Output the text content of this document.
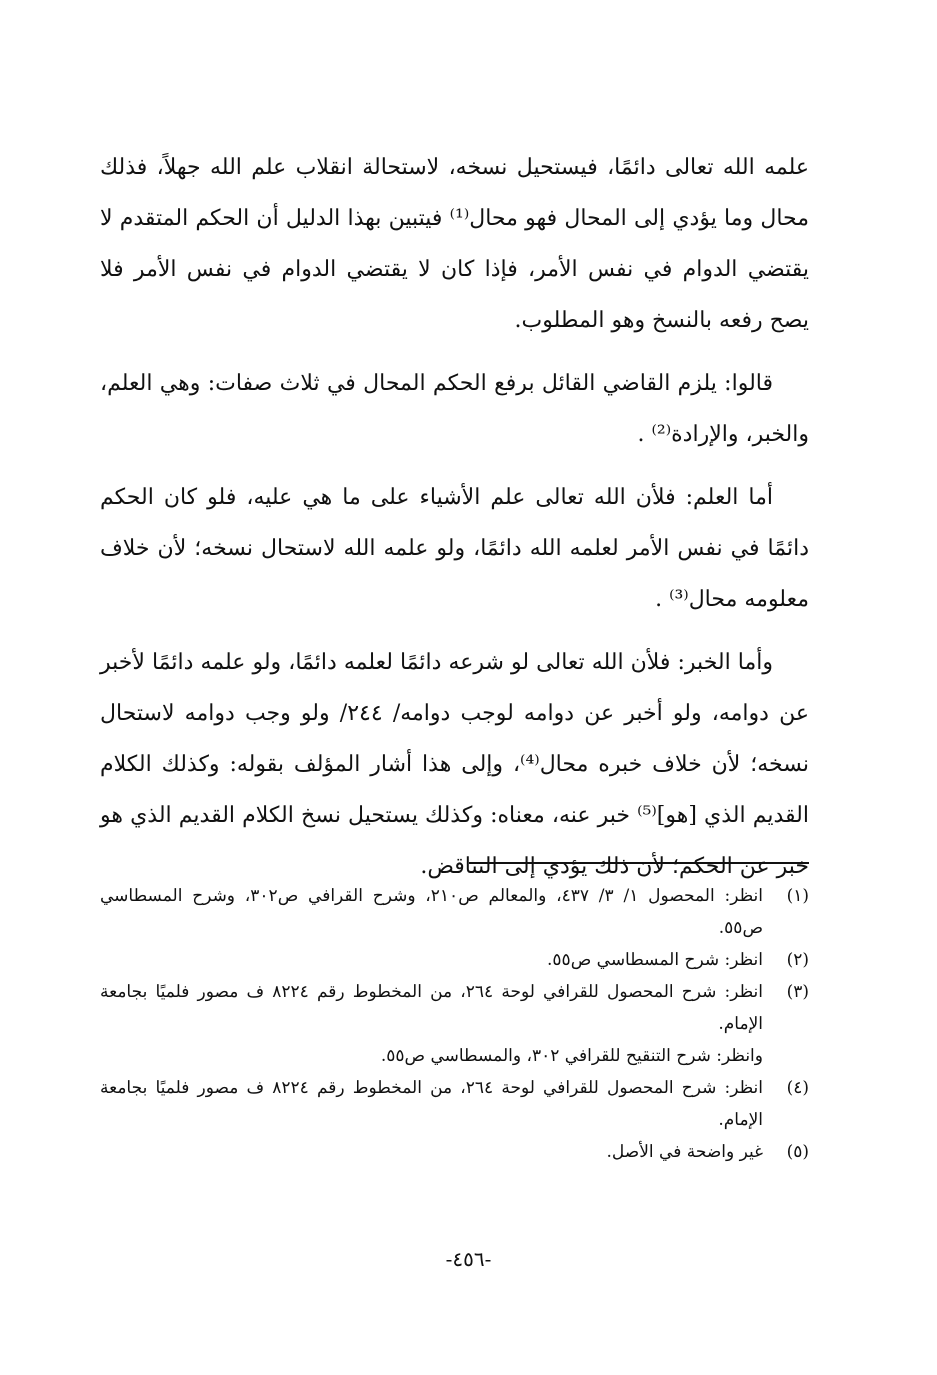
علمه الله تعالى دائمًا، فيستحيل نسخه، لاستحالة انقلاب علم الله جهلاً، فذلك محال وما يؤدي إلى المحال فهو محال⁽¹⁾ فيتبين بهذا الدليل أن الحكم المتقدم لا يقتضي الدوام في نفس الأمر، فإذا كان لا يقتضي الدوام في نفس الأمر فلا يصح رفعه بالنسخ وهو المطلوب.

قالوا: يلزم القاضي القائل برفع الحكم المحال في ثلاث صفات: وهي العلم، والخبر، والإرادة⁽²⁾ .

أما العلم: فلأن الله تعالى علم الأشياء على ما هي عليه، فلو كان الحكم دائمًا في نفس الأمر لعلمه الله دائمًا، ولو علمه الله لاستحال نسخه؛ لأن خلاف معلومه محال⁽³⁾ .

وأما الخبر: فلأن الله تعالى لو شرعه دائمًا لعلمه دائمًا، ولو علمه دائمًا لأخبر عن دوامه، ولو أخبر عن دوامه لوجب دوامه/ ٢٤٤/ ولو وجب دوامه لاستحال نسخه؛ لأن خلاف خبره محال⁽⁴⁾، وإلى هذا أشار المؤلف بقوله: وكذلك الكلام القديم الذي [هو]⁽⁵⁾ خبر عنه، معناه: وكذلك يستحيل نسخ الكلام القديم الذي هو خبر عن الحكم؛ لأن ذلك يؤدي إلى التناقض.

(١)
انظر: المحصول ١/ ٣/ ٤٣٧، والمعالم ص٢١٠، وشرح القرافي ص٣٠٢، وشرح المسطاسي ص٥٥.
(٢)
انظر: شرح المسطاسي ص٥٥.
(٣)
انظر: شرح المحصول للقرافي لوحة ٢٦٤، من المخطوط رقم ٨٢٢٤ ف مصور فلميًا بجامعة الإمام.
وانظر: شرح التنقيح للقرافي ٣٠٢، والمسطاسي ص٥٥.
(٤)
انظر: شرح المحصول للقرافي لوحة ٢٦٤، من المخطوط رقم ٨٢٢٤ ف مصور فلميًا بجامعة الإمام.
(٥)
غير واضحة في الأصل.
-٤٥٦-
